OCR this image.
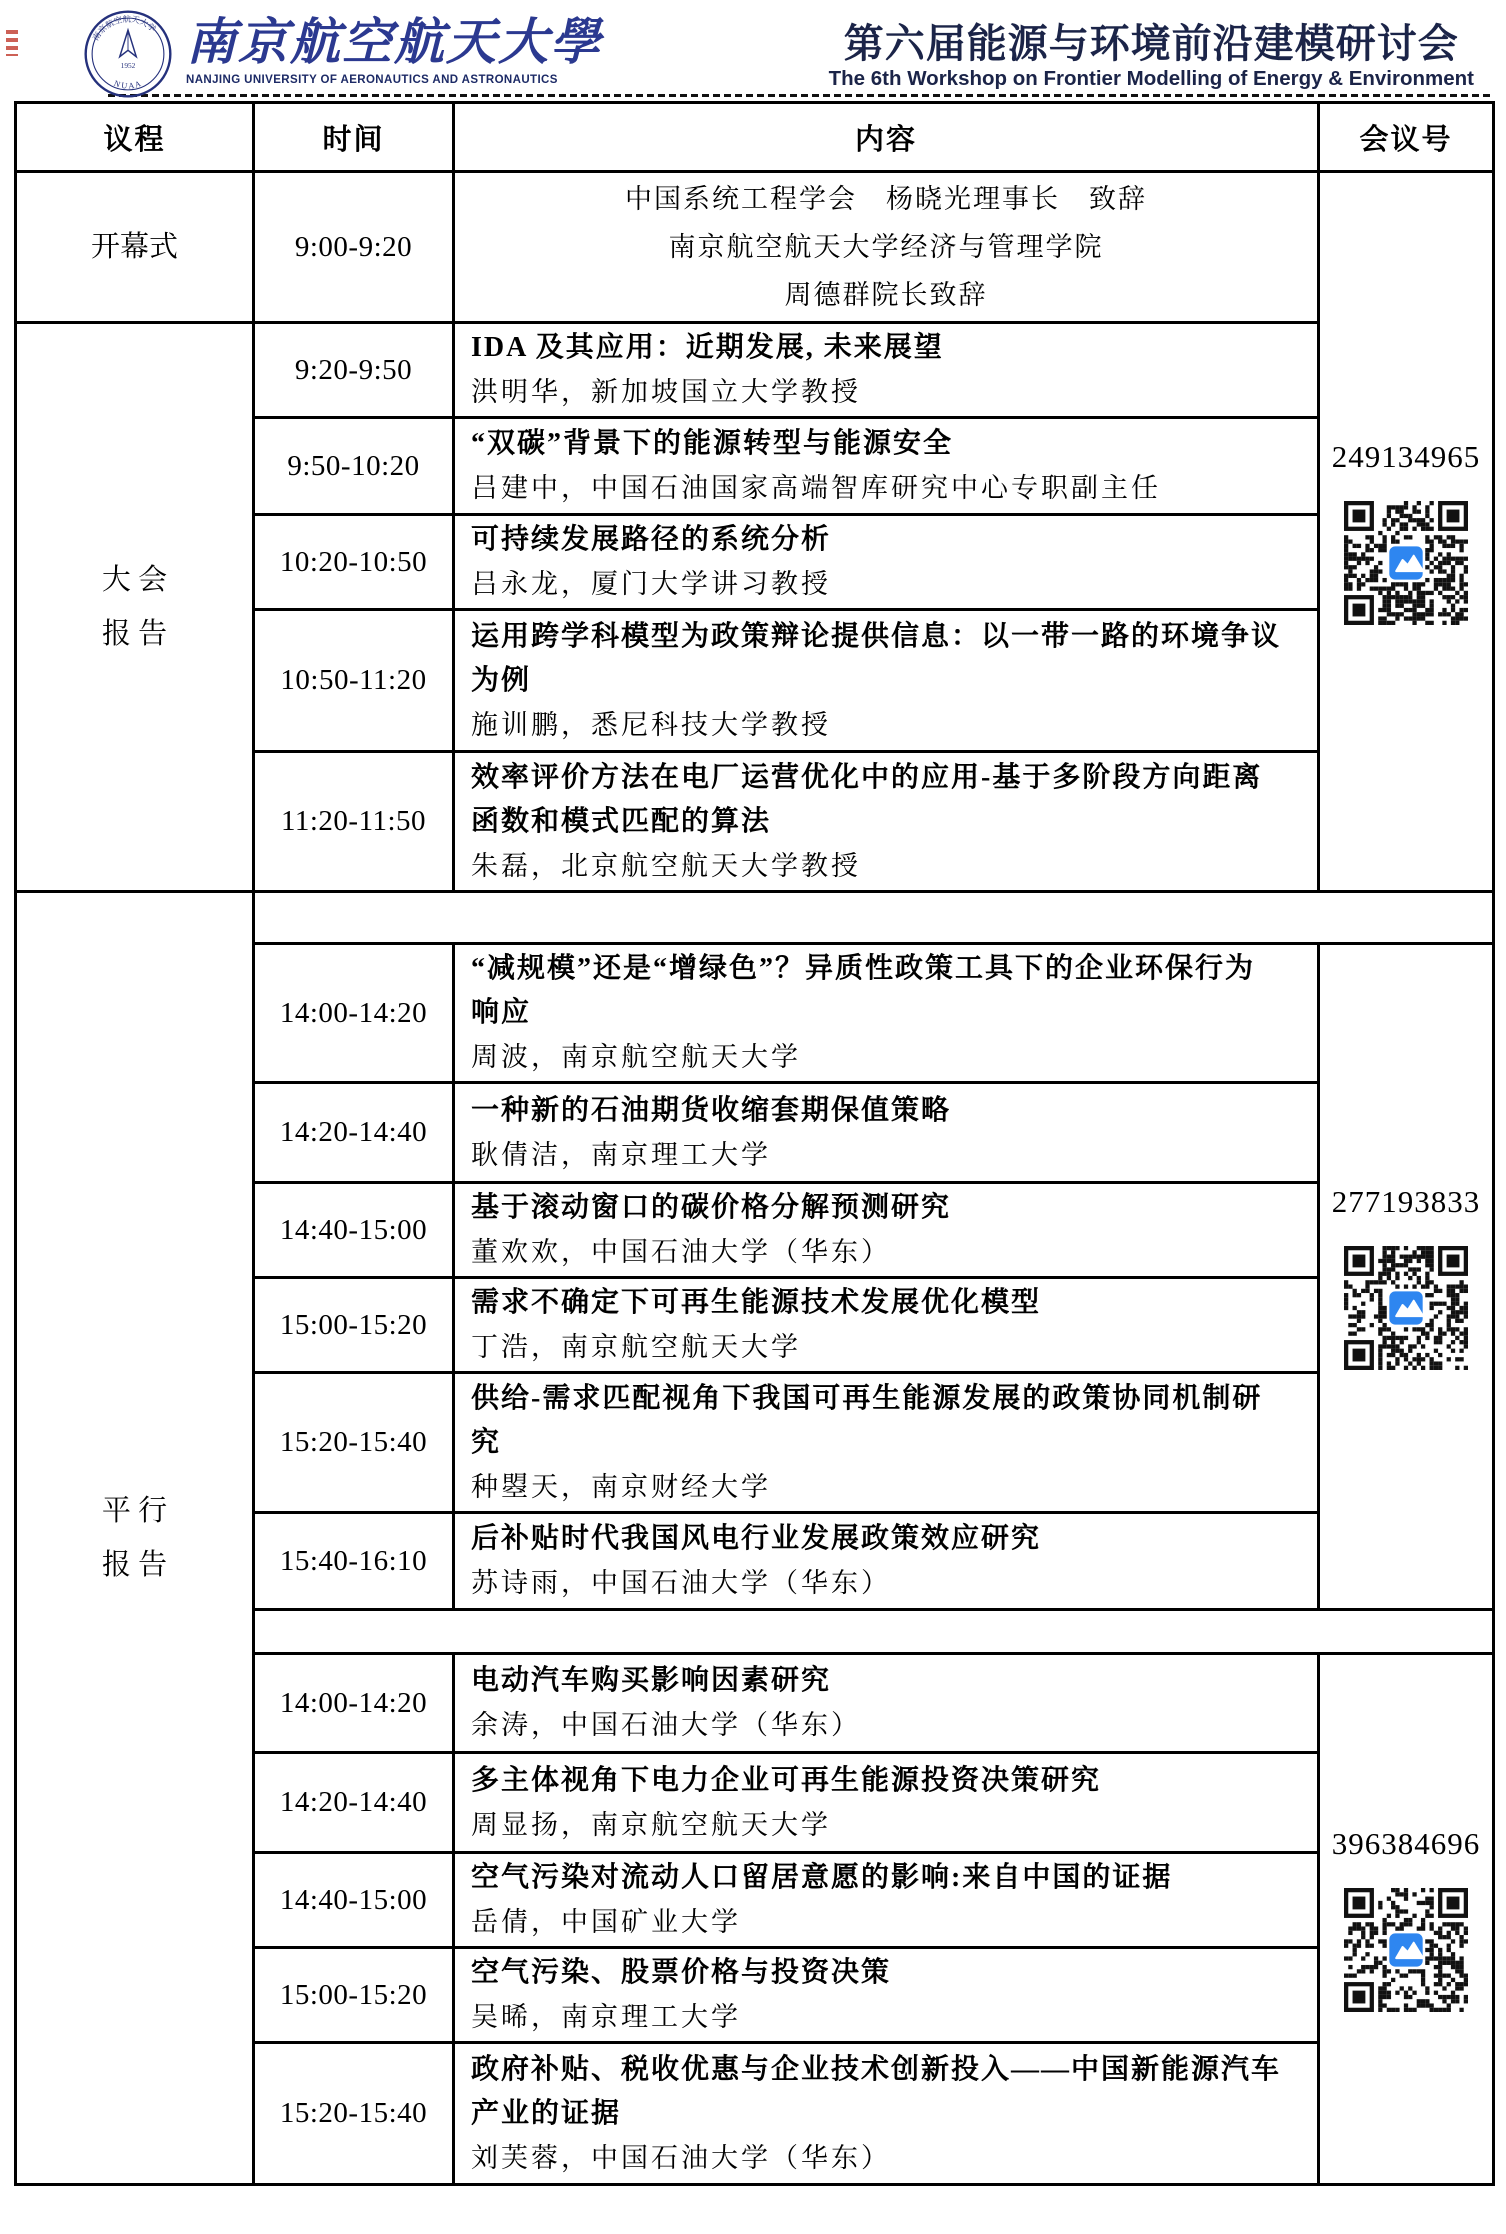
南京航空航天大学
1952
N U A A
南京航空航天大學
NANJING UNIVERSITY OF AERONAUTICS AND ASTRONAUTICS
第六届能源与环境前沿建模研讨会
The 6th Workshop on Frontier Modelling of Energy & Environment
议程	时间	内容	会议号
开幕式	9:00-9:20	中国系统工程学会　杨晓光理事长　致辞
南京航空航天大学经济与管理学院
周德群院长致辞	249134965

大 会
报 告
	9:20-9:50	
IDA 及其应用：近期发展, 未来展望
洪明华，新加坡国立大学教授

	9:50-10:20	“双碳”背景下的能源转型与能源安全
吕建中，中国石油国家高端智库研究中心专职副主任	

	10:20-10:50	可持续发展路径的系统分析
吕永龙，厦门大学讲习教授	

	10:50-11:20	运用跨学科模型为政策辩论提供信息：以一带一路的环境争议为例
施训鹏，悉尼科技大学教授	

	11:20-11:50	效率评价方法在电厂运营优化中的应用-基于多阶段方向距离函数和模式匹配的算法
朱磊，北京航空航天大学教授	

平 行
报 告			

	14:00-14:20	“减规模”还是“增绿色”？异质性政策工具下的企业环保行为响应
周波，南京航空航天大学	277193833

	14:20-14:40	一种新的石油期货收缩套期保值策略
耿倩洁，南京理工大学	

	14:40-15:00	基于滚动窗口的碳价格分解预测研究
董欢欢，中国石油大学（华东）	

	15:00-15:20	需求不确定下可再生能源技术发展优化模型
丁浩，南京航空航天大学	

	15:20-15:40	供给-需求匹配视角下我国可再生能源发展的政策协同机制研究
种曌天，南京财经大学	

	15:40-16:10	后补贴时代我国风电行业发展政策效应研究
苏诗雨，中国石油大学（华东）	

	14:00-14:20	电动汽车购买影响因素研究
余涛，中国石油大学（华东）	396384696

	14:20-14:40	多主体视角下电力企业可再生能源投资决策研究
周显扬，南京航空航天大学	

	14:40-15:00	空气污染对流动人口留居意愿的影响:来自中国的证据
岳倩，中国矿业大学	

	15:00-15:20	空气污染、股票价格与投资决策
吴晞，南京理工大学	

	15:20-15:40	政府补贴、税收优惠与企业技术创新投入——中国新能源汽车产业的证据
刘芙蓉，中国石油大学（华东）	
